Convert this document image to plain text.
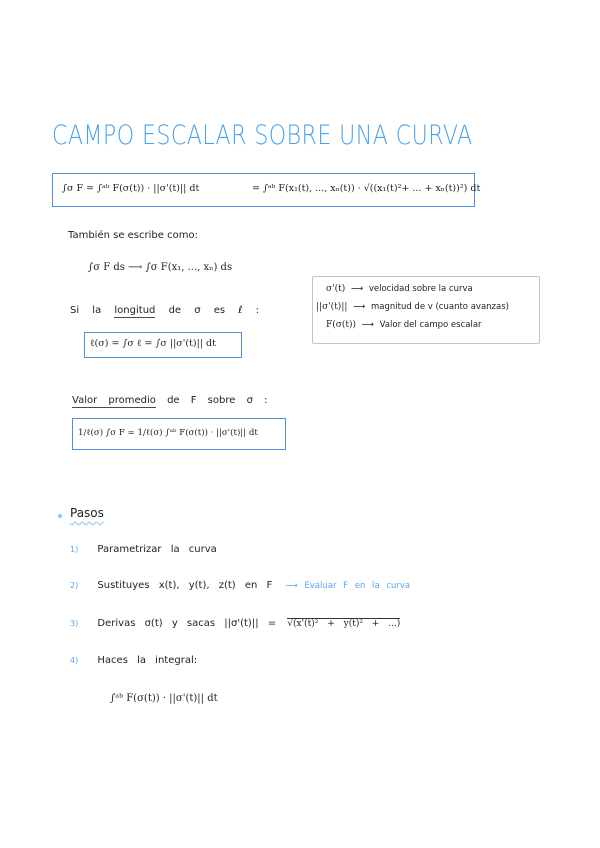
CAMPO ESCALAR SOBRE UNA CURVA
∫σ F = ∫ᵃᵇ F(σ(t)) · ||σ'(t)|| dt	= ∫ᵃᵇ F(x₁(t), ..., xₙ(t)) · √((x₁(t)²+ ... + xₙ(t))²) dt
También se escribe como:
∫σ F ds ⟶ ∫σ F(x₁, ..., xₙ) ds
Si la longitud de σ es ℓ :
ℓ(σ) = ∫σ ℓ = ∫σ ||σ'(t)|| dt
σ'(t) ⟶ velocidad sobre la curva
||σ'(t)|| ⟶ magnitud de v (cuanto avanzas)
F(σ(t)) ⟶ Valor del campo escalar
Valor promedio de F sobre σ :
1/ℓ(σ) ∫σ F = 1/ℓ(σ) ∫ᵃᵇ F(σ(t)) · ||σ'(t)|| dt
Pasos
1) Parametrizar la curva
2) Sustituyes x(t), y(t), z(t) en F ⟶ Evaluar F en la curva
3) Derivas σ(t) y sacas ||σ'(t)|| = √(x'(t)² + y(t)² + ...)
4) Haces la integral:
∫ᵃᵇ F(σ(t)) · ||σ'(t)|| dt
